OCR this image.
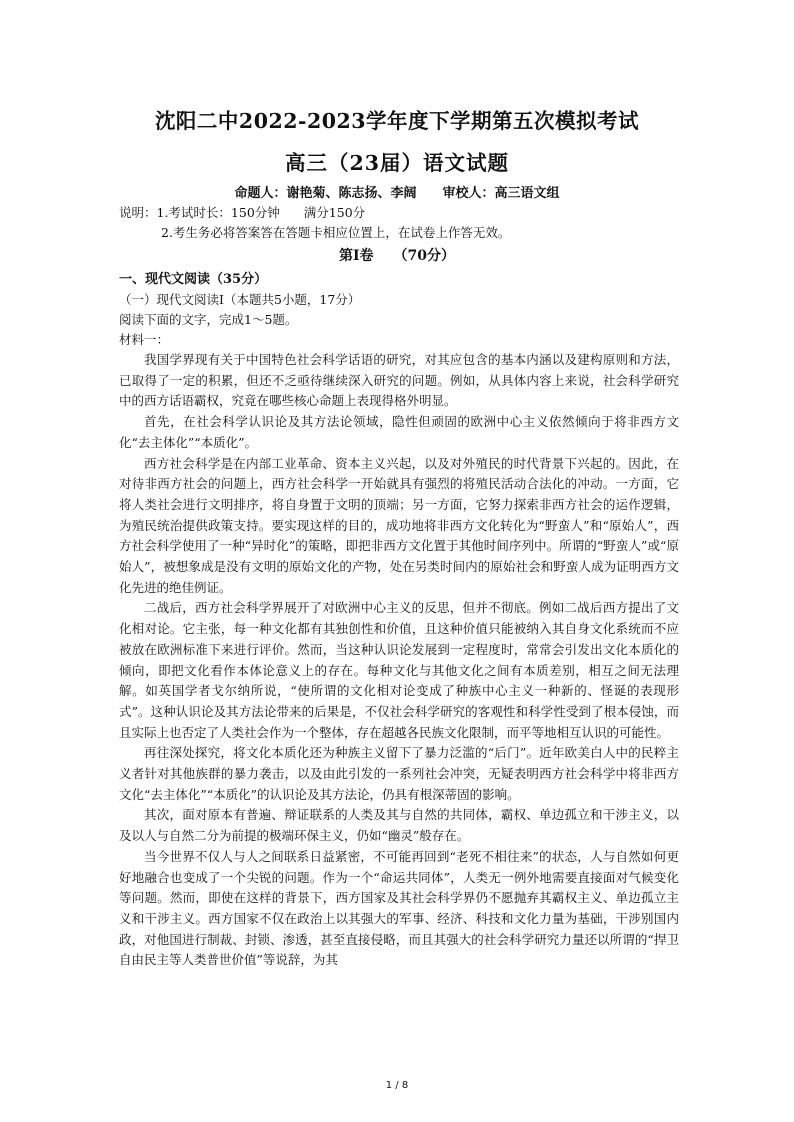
沈阳二中2022-2023学年度下学期第五次模拟考试
高三（23届）语文试题
命题人：谢艳菊、陈志扬、李阔 审校人：高三语文组
说明：1.考试时长：150分钟 满分150分
2.考生务必将答案答在答题卡相应位置上，在试卷上作答无效。
第Ⅰ卷 （70分）
一、现代文阅读（35分）
（一）现代文阅读Ⅰ（本题共5小题，17分）
阅读下面的文字，完成1～5题。
材料一：

我国学界现有关于中国特色社会科学话语的研究，对其应包含的基本内涵以及建构原则和方法，已取得了一定的积累，但还不乏亟待继续深入研究的问题。例如，从具体内容上来说，社会科学研究中的西方话语霸权，究竟在哪些核心命题上表现得格外明显。

首先，在社会科学认识论及其方法论领域，隐性但顽固的欧洲中心主义依然倾向于将非西方文化“去主体化”“本质化”。

西方社会科学是在内部工业革命、资本主义兴起，以及对外殖民的时代背景下兴起的。因此，在对待非西方社会的问题上，西方社会科学一开始就具有强烈的将殖民活动合法化的冲动。一方面，它将人类社会进行文明排序，将自身置于文明的顶端；另一方面，它努力探索非西方社会的运作逻辑，为殖民统治提供政策支持。要实现这样的目的，成功地将非西方文化转化为“野蛮人”和“原始人”，西方社会科学使用了一种“异时化”的策略，即把非西方文化置于其他时间序列中。所谓的“野蛮人”或“原始人”，被想象成是没有文明的原始文化的产物，处在另类时间内的原始社会和野蛮人成为证明西方文化先进的绝佳例证。

二战后，西方社会科学界展开了对欧洲中心主义的反思，但并不彻底。例如二战后西方提出了文化相对论。它主张，每一种文化都有其独创性和价值，且这种价值只能被纳入其自身文化系统而不应被放在欧洲标准下来进行评价。然而，当这种认识论发展到一定程度时，常常会引发出文化本质化的倾向，即把文化看作本体论意义上的存在。每种文化与其他文化之间有本质差别，相互之间无法理解。如英国学者戈尔纳所说，“使所谓的文化相对论变成了种族中心主义一种新的、怪诞的表现形式”。这种认识论及其方法论带来的后果是，不仅社会科学研究的客观性和科学性受到了根本侵蚀，而且实际上也否定了人类社会作为一个整体，存在超越各民族文化限制，而平等地相互认识的可能性。

再往深处探究，将文化本质化还为种族主义留下了暴力泛滥的“后门”。近年欧美白人中的民粹主义者针对其他族群的暴力袭击，以及由此引发的一系列社会冲突，无疑表明西方社会科学中将非西方文化“去主体化”“本质化”的认识论及其方法论，仍具有根深蒂固的影响。

其次，面对原本有普遍、辩证联系的人类及其与自然的共同体，霸权、单边孤立和干涉主义，以及以人与自然二分为前提的极端环保主义，仍如“幽灵”般存在。

当今世界不仅人与人之间联系日益紧密，不可能再回到“老死不相往来”的状态，人与自然如何更好地融合也变成了一个尖锐的问题。作为一个“命运共同体”，人类无一例外地需要直接面对气候变化等问题。然而，即使在这样的背景下，西方国家及其社会科学界仍不愿抛弃其霸权主义、单边孤立主义和干涉主义。西方国家不仅在政治上以其强大的军事、经济、科技和文化力量为基础，干涉别国内政，对他国进行制裁、封锁、渗透，甚至直接侵略，而且其强大的社会科学研究力量还以所谓的“捍卫自由民主等人类普世价值”等说辞，为其

1 / 8
